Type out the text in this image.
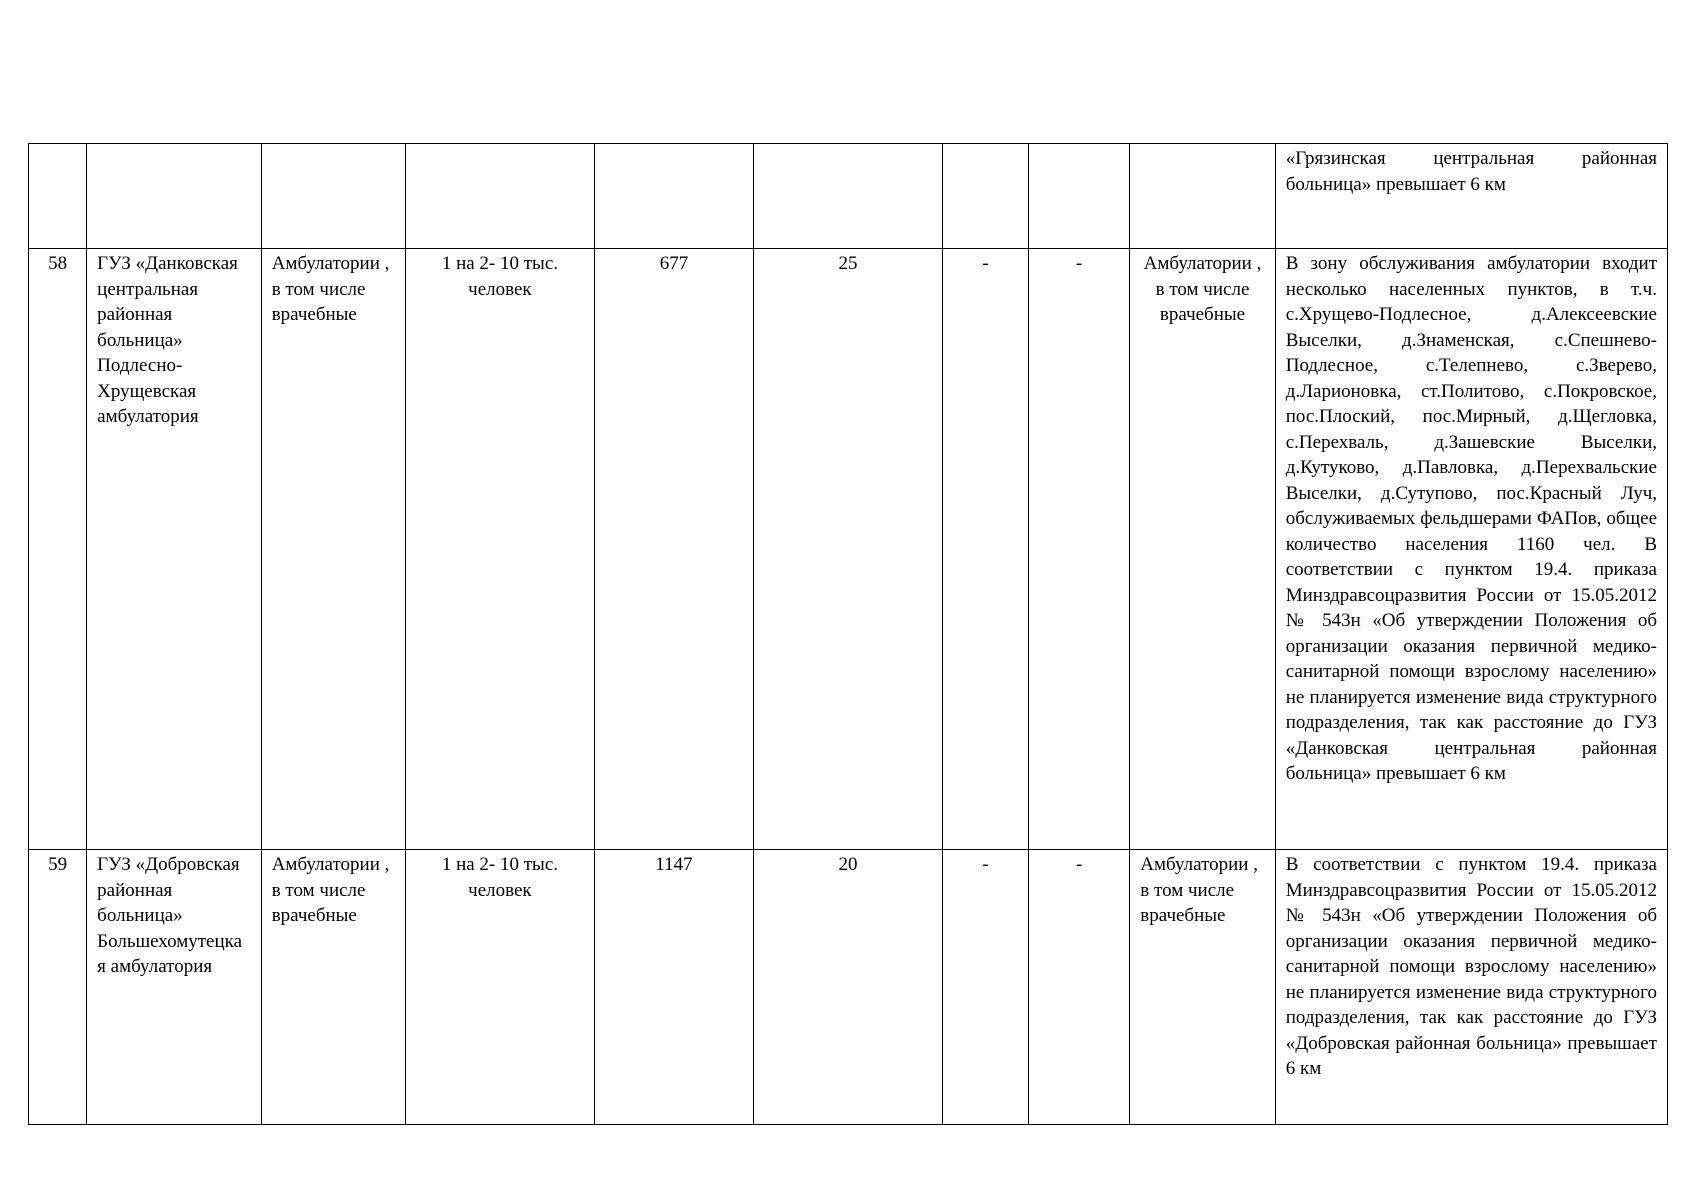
									«Грязинская центральная районная больница» превышает 6 км
58	ГУЗ «Данковская центральная районная больница» Подлесно-Хрущевская амбулатория	Амбулатории , в том числе врачебные	1 на 2- 10 тыс. человек	677	25	-	-	Амбулатории , в том числе врачебные	В зону обслуживания амбулатории входит несколько населенных пунктов, в т.ч. с.Хрущево-Подлесное, д.Алексеевские Выселки, д.Знаменская, с.Спешнево- Подлесное, с.Телепнево, с.Зверево, д.Ларионовка, ст.Политово, с.Покровское, пос.Плоский, пос.Мирный, д.Щегловка, с.Перехваль, д.Зашевские Выселки, д.Кутуково, д.Павловка, д.Перехвальские Выселки, д.Сутупово, пос.Красный Луч, обслуживаемых фельдшерами ФАПов, общее количество населения 1160 чел. В соответствии с пунктом 19.4. приказа Минздравсоцразвития России от 15.05.2012 № 543н «Об утверждении Положения об организации оказания первичной медико-санитарной помощи взрослому населению» не планируется изменение вида структурного подразделения, так как расстояние до ГУЗ «Данковская центральная районная больница» превышает 6 км
59	ГУЗ «Добровская районная больница» Большехомутецкая амбулатория	Амбулатории , в том числе врачебные	1 на 2- 10 тыс. человек	1147	20	-	-	Амбулатории , в том числе врачебные	В соответствии с пунктом 19.4. приказа Минздравсоцразвития России от 15.05.2012 № 543н «Об утверждении Положения об организации оказания первичной медико-санитарной помощи взрослому населению» не планируется изменение вида структурного подразделения, так как расстояние до ГУЗ «Добровская районная больница» превышает 6 км
